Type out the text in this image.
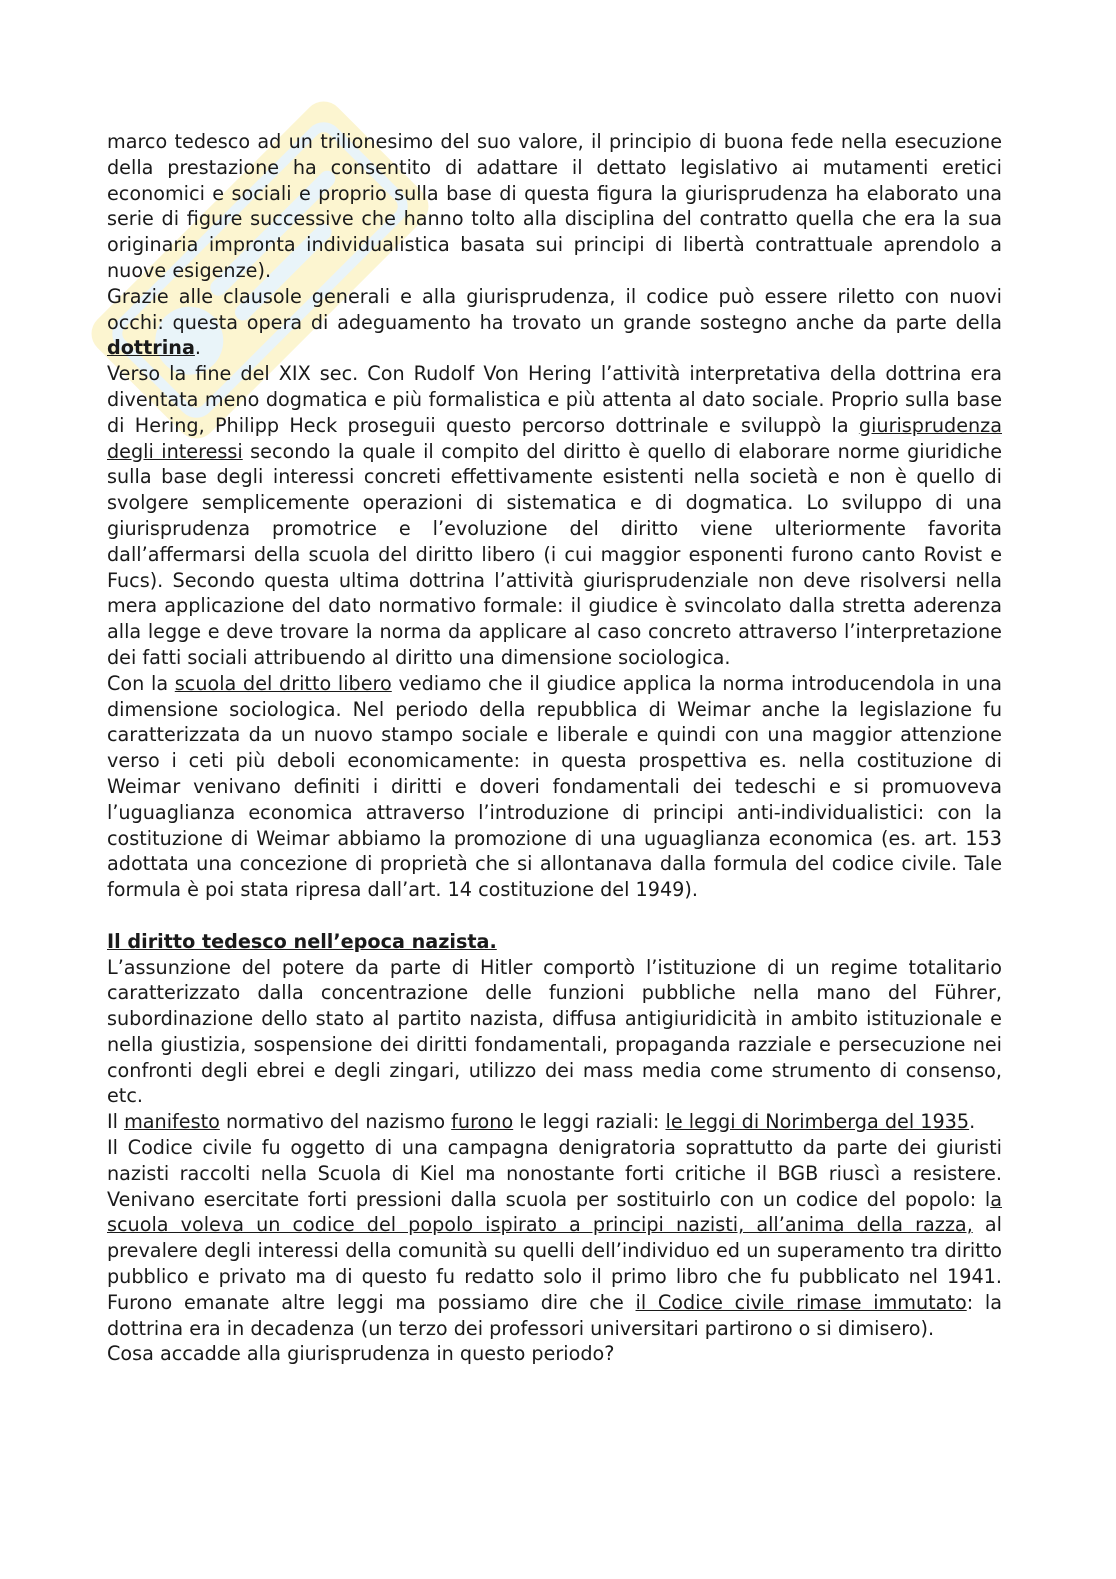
marco tedesco ad un trilionesimo del suo valore, il principio di buona fede nella esecuzione della prestazione ha consentito di adattare il dettato legislativo ai mutamenti eretici economici e sociali e proprio sulla base di questa figura la giurisprudenza ha elaborato una serie di figure successive che hanno tolto alla disciplina del contratto quella che era la sua originaria impronta individualistica basata sui principi di libertà contrattuale aprendolo a nuove esigenze).

Grazie alle clausole generali e alla giurisprudenza, il codice può essere riletto con nuovi occhi: questa opera di adeguamento ha trovato un grande sostegno anche da parte della dottrina.

Verso la fine del XIX sec. Con Rudolf Von Hering l’attività interpretativa della dottrina era diventata meno dogmatica e più formalistica e più attenta al dato sociale. Proprio sulla base di Hering, Philipp Heck proseguii questo percorso dottrinale e sviluppò la giurisprudenza degli interessi secondo la quale il compito del diritto è quello di elaborare norme giuridiche sulla base degli interessi concreti effettivamente esistenti nella società e non è quello di svolgere semplicemente operazioni di sistematica e di dogmatica. Lo sviluppo di una giurisprudenza promotrice e l’evoluzione del diritto viene ulteriormente favorita dall’affermarsi della scuola del diritto libero (i cui maggior esponenti furono canto Rovist e Fucs). Secondo questa ultima dottrina l’attività giurisprudenziale non deve risolversi nella mera applicazione del dato normativo formale: il giudice è svincolato dalla stretta aderenza alla legge e deve trovare la norma da applicare al caso concreto attraverso l’interpretazione dei fatti sociali attribuendo al diritto una dimensione sociologica.

Con la scuola del dritto libero vediamo che il giudice applica la norma introducendola in una dimensione sociologica. Nel periodo della repubblica di Weimar anche la legislazione fu caratterizzata da un nuovo stampo sociale e liberale e quindi con una maggior attenzione verso i ceti più deboli economicamente: in questa prospettiva es. nella costituzione di Weimar venivano definiti i diritti e doveri fondamentali dei tedeschi e si promuoveva l’uguaglianza economica attraverso l’introduzione di principi anti-individualistici: con la costituzione di Weimar abbiamo la promozione di una uguaglianza economica (es. art. 153 adottata una concezione di proprietà che si allontanava dalla formula del codice civile. Tale formula è poi stata ripresa dall’art. 14 costituzione del 1949).

Il diritto tedesco nell’epoca nazista.

L’assunzione del potere da parte di Hitler comportò l’istituzione di un regime totalitario caratterizzato dalla concentrazione delle funzioni pubbliche nella mano del Führer, subordinazione dello stato al partito nazista, diffusa antigiuridicità in ambito istituzionale e nella giustizia, sospensione dei diritti fondamentali, propaganda razziale e persecuzione nei confronti degli ebrei e degli zingari, utilizzo dei mass media come strumento di consenso, etc.

Il manifesto normativo del nazismo furono le leggi raziali: le leggi di Norimberga del 1935.

Il Codice civile fu oggetto di una campagna denigratoria soprattutto da parte dei giuristi nazisti raccolti nella Scuola di Kiel ma nonostante forti critiche il BGB riuscì a resistere. Venivano esercitate forti pressioni dalla scuola per sostituirlo con un codice del popolo: la scuola voleva un codice del popolo ispirato a principi nazisti, all’anima della razza, al prevalere degli interessi della comunità su quelli dell’individuo ed un superamento tra diritto pubblico e privato ma di questo fu redatto solo il primo libro che fu pubblicato nel 1941. Furono emanate altre leggi ma possiamo dire che il Codice civile rimase immutato: la dottrina era in decadenza (un terzo dei professori universitari partirono o si dimisero).

Cosa accadde alla giurisprudenza in questo periodo?
